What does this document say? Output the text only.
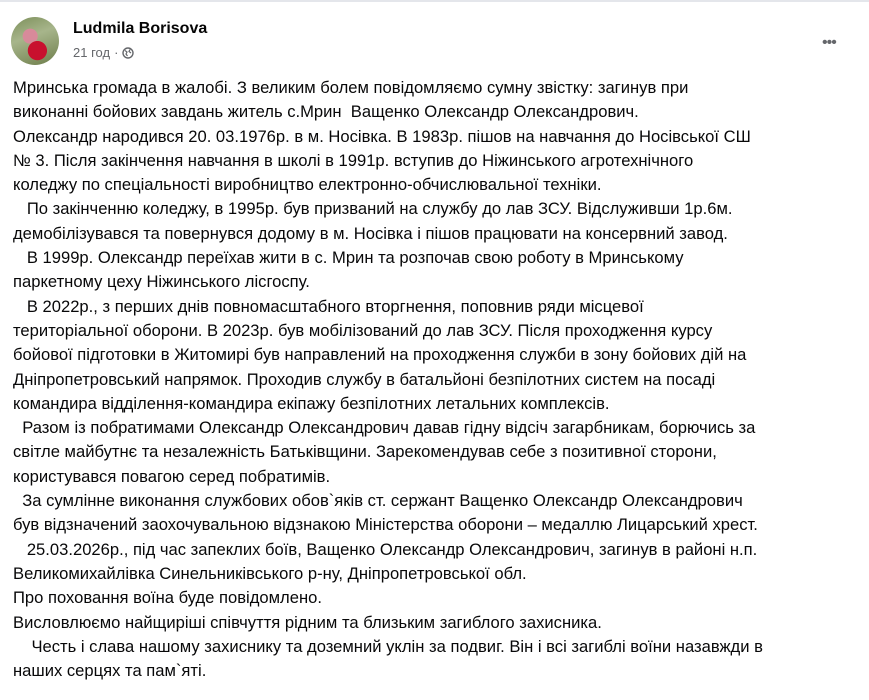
Ludmila Borisova
21 год ·
•••
Мринська громада в жалобі. З великим болем повідомляємо сумну звістку: загинув при
виконанні бойових завдань житель с.Мрин  Ващенко Олександр Олександрович.
Олександр народився 20. 03.1976р. в м. Носівка. В 1983р. пішов на навчання до Носівської СШ
№ 3. Після закінчення навчання в школі в 1991р. вступив до Ніжинського агротехнічного
коледжу по спеціальності виробництво електронно-обчислювальної техніки.
По закінченню коледжу, в 1995р. був призваний на службу до лав ЗСУ. Відслуживши 1р.6м.
демобілізувався та повернувся додому в м. Носівка і пішов працювати на консервний завод.
В 1999р. Олександр переїхав жити в с. Мрин та розпочав свою роботу в Мринському
паркетному цеху Ніжинського лісгоспу.
В 2022р., з перших днів повномасштабного вторгнення, поповнив ряди місцевої
територіальної оборони. В 2023р. був мобілізований до лав ЗСУ. Після проходження курсу
бойової підготовки в Житомирі був направлений на проходження служби в зону бойових дій на
Дніпропетровський напрямок. Проходив службу в батальйоні безпілотних систем на посаді
командира відділення-командира екіпажу безпілотних летальних комплексів.
Разом із побратимами Олександр Олександрович давав гідну відсіч загарбникам, борючись за
світле майбутнє та незалежність Батьківщини. Зарекомендував себе з позитивної сторони,
користувався повагою серед побратимів.
За сумлінне виконання службових обов`яків ст. сержант Ващенко Олександр Олександрович
був відзначений заохочувальною відзнакою Міністерства оборони – медаллю Лицарський хрест.
25.03.2026р., під час запеклих боїв, Ващенко Олександр Олександрович, загинув в районі н.п.
Великомихайлівка Синельниківського р-ну, Дніпропетровської обл.
Про поховання воїна буде повідомлено.
Висловлюємо найщиріші співчуття рідним та близьким загиблого захисника.
Честь і слава нашому захиснику та доземний уклін за подвиг. Він і всі загиблі воїни назавжди в
наших серцях та пам`яті.
